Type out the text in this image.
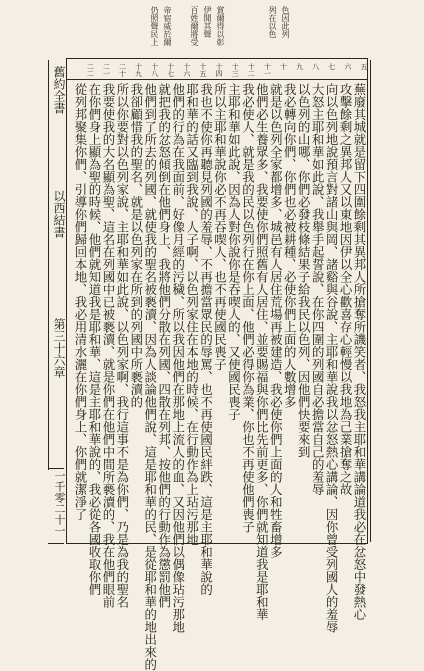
仍照聲民上 帝宿威於爾 百姓爾將受 伊聞其聲 賞爾得以彰	列在以色 色因此列
五
六
七
八
九
十
十一
十二
十三
十四
十五
十六
十七
十八
十九
二十
二一
二二
蕪廢其城就是留下四圍餘剩其異邦人所搶奪所譏笑者、我怒我主耶和華講論道我必在忿怒中發熱心
攻擊餘剩之異邦人又以東地因伊以全心歡喜存心輕慢以我地為己業搶奪之故
向以色列地說預言對諸山與岡、諸谿與谷說、主耶和華說我以忿怒熱心講論、因你曾受列國人的羞辱
大怒主耶和華如此說、我舉手起誓說、在你四圍的列國自必擔當自己的羞辱
以色列的山哪、你們必發枝條結果子給我民以色列、因他們快要來到
我必轉向你們、你們也必被耕種、必使你們上面的人數增多
就是以色列全家都增多、城邑有人居住荒場再被建造、我必使你們上面的人和牲畜增多
他們必生養眾多、我要使你們照舊有人居住、並要賜福與你們比先前更多、你們就知道我是耶和華
我必使人、就是我的民以色列行在你上面、他們必得你為業、你也不再使他們喪子
主耶和華如此說、因為人對你說你是吞喫人的、又使國民喪子
所以主耶和華說你必不再吞喫人、也不再使國民喪子
我也不使你再聽見列國的羞辱、不再擔當眾民的辱罵、也不再使國民絆跌、這是主耶和華說的
耶和華的話又臨到我說、人子啊、以色列家住在本地的時候、在行動作為上玷污那地
他們的行為在我面前、好像月經的污穢、所以我因他們在那地上流人的血、又因他們以偶像玷污那地
就把我的忿怒傾倒在他們身上、我將他們分散在列國、四散在列邦、按他們的行動作為懲罰他們
他們到了所去的列國、就使我的聖名被褻瀆、因為人談論他們說、這是耶和華的民、是從耶和華的地出來的
我卻顧惜我的聖名、就是以色列家在所到的列國中所褻瀆的
所以你要對以色列家說、主耶和華如此說、以色列家啊、我行這事不是為你們、乃是為我的聖名
我要使我的大名顯為聖、這名在列國中已被褻瀆、就是你們在他們中間所褻瀆的、我在他們眼前
在你們身上顯為聖的時候、他們就知道我是耶和華、這是主耶和華說的、我必從各國收取你們
從列邦聚集你們、引導你們歸回本地、我必用清水灑在你們身上、你們就潔淨了
舊約全書
以西結書
第三十六章
一千零二十一
